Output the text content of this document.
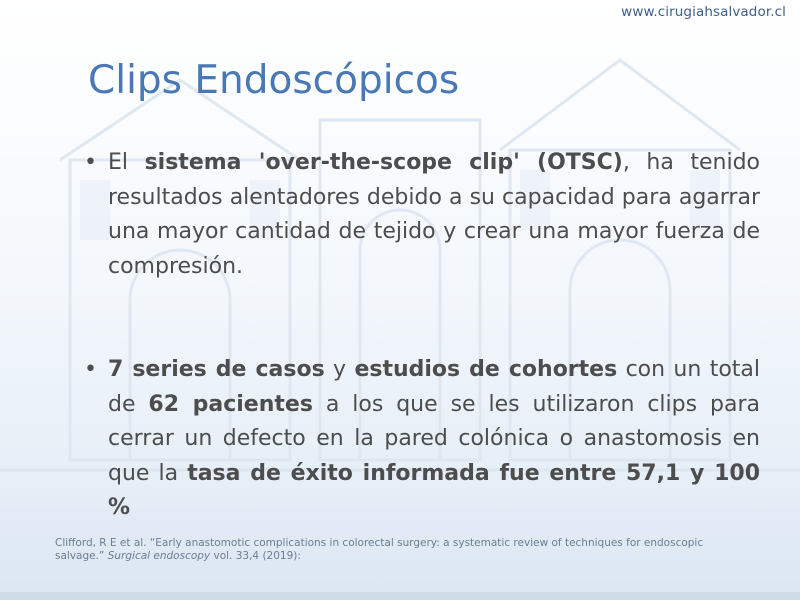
www.cirugiahsalvador.cl
Clips Endoscópicos
• El sistema 'over-the-scope clip' (OTSC), ha tenido resultados alentadores debido a su capacidad para agarrar una mayor cantidad de tejido y crear una mayor fuerza de compresión.
• 7 series de casos y estudios de cohortes con un total de 62 pacientes a los que se les utilizaron clips para cerrar un defecto en la pared colónica o anastomosis en que la tasa de éxito informada fue entre 57,1 y 100 %
Clifford, R E et al. “Early anastomotic complications in colorectal surgery: a systematic review of techniques for endoscopic salvage.” Surgical endoscopy vol. 33,4 (2019):
